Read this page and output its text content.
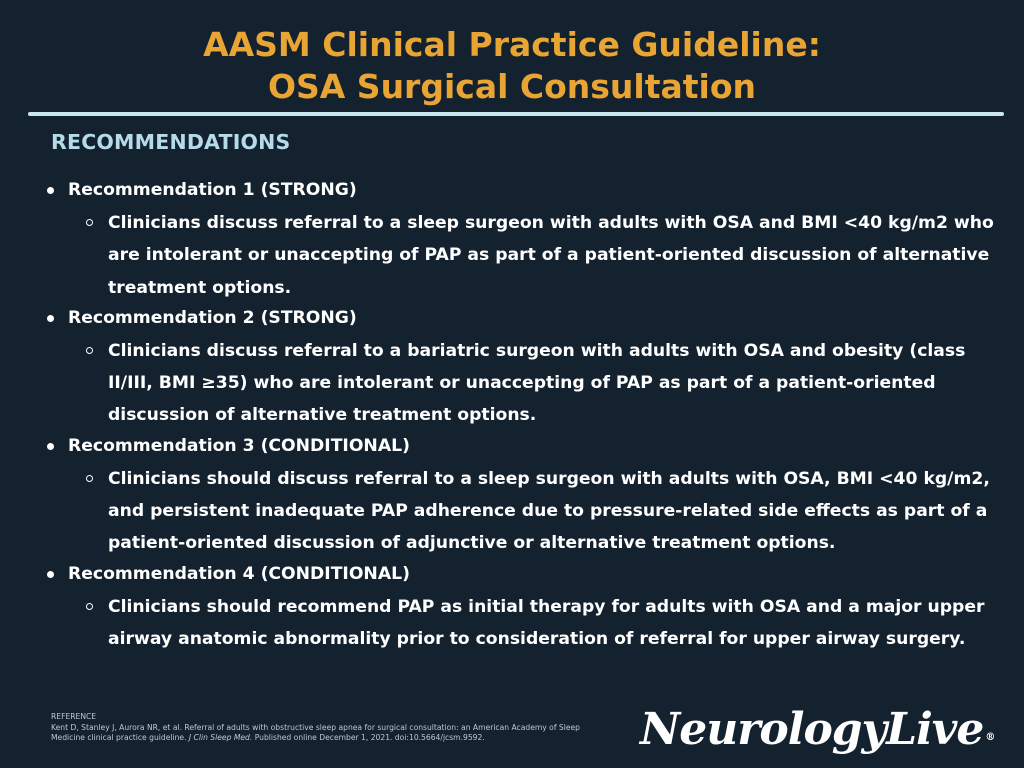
AASM Clinical Practice Guideline:
OSA Surgical Consultation
RECOMMENDATIONS
Recommendation 1 (STRONG)
Clinicians discuss referral to a sleep surgeon with adults with OSA and BMI <40 kg/m2 who are intolerant or unaccepting of PAP as part of a patient-oriented discussion of alternative treatment options.
Recommendation 2 (STRONG)
Clinicians discuss referral to a bariatric surgeon with adults with OSA and obesity (class II/III, BMI ≥35) who are intolerant or unaccepting of PAP as part of a patient-oriented discussion of alternative treatment options.
Recommendation 3 (CONDITIONAL)
Clinicians should discuss referral to a sleep surgeon with adults with OSA, BMI <40 kg/m2, and persistent inadequate PAP adherence due to pressure-related side effects as part of a patient-oriented discussion of adjunctive or alternative treatment options.
Recommendation 4 (CONDITIONAL)
Clinicians should recommend PAP as initial therapy for adults with OSA and a major upper airway anatomic abnormality prior to consideration of referral for upper airway surgery.
REFERENCE
Kent D, Stanley J, Aurora NR, et al. Referral of adults with obstructive sleep apnea for surgical consultation: an American Academy of Sleep Medicine clinical practice guideline. J Clin Sleep Med. Published online December 1, 2021. doi:10.5664/jcsm.9592.	NeurologyLive ®
